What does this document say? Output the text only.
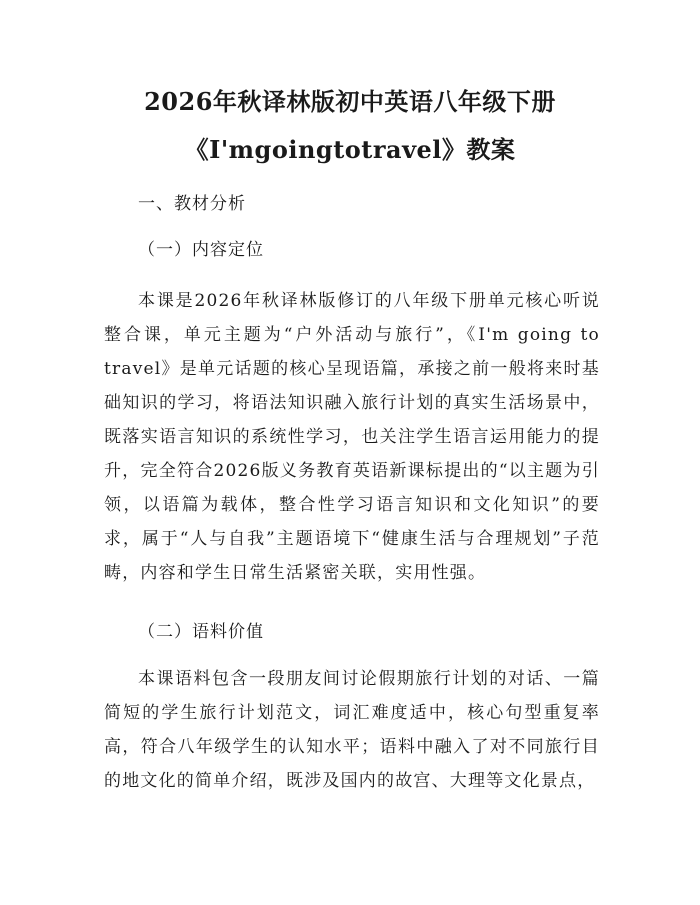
2026年秋译林版初中英语八年级下册
《I'mgoingtotravel》教案
一、教材分析
（一）内容定位

本课是2026年秋译林版修订的八年级下册单元核心听说整合课，单元主题为“户外活动与旅行”，《I'm going to travel》是单元话题的核心呈现语篇，承接之前一般将来时基础知识的学习，将语法知识融入旅行计划的真实生活场景中，既落实语言知识的系统性学习，也关注学生语言运用能力的提升，完全符合2026版义务教育英语新课标提出的“以主题为引领，以语篇为载体，整合性学习语言知识和文化知识”的要求，属于“人与自我”主题语境下“健康生活与合理规划”子范畴，内容和学生日常生活紧密关联，实用性强。

（二）语料价值

本课语料包含一段朋友间讨论假期旅行计划的对话、一篇简短的学生旅行计划范文，词汇难度适中，核心句型重复率高，符合八年级学生的认知水平；语料中融入了对不同旅行目的地文化的简单介绍，既涉及国内的故宫、大理等文化景点，
